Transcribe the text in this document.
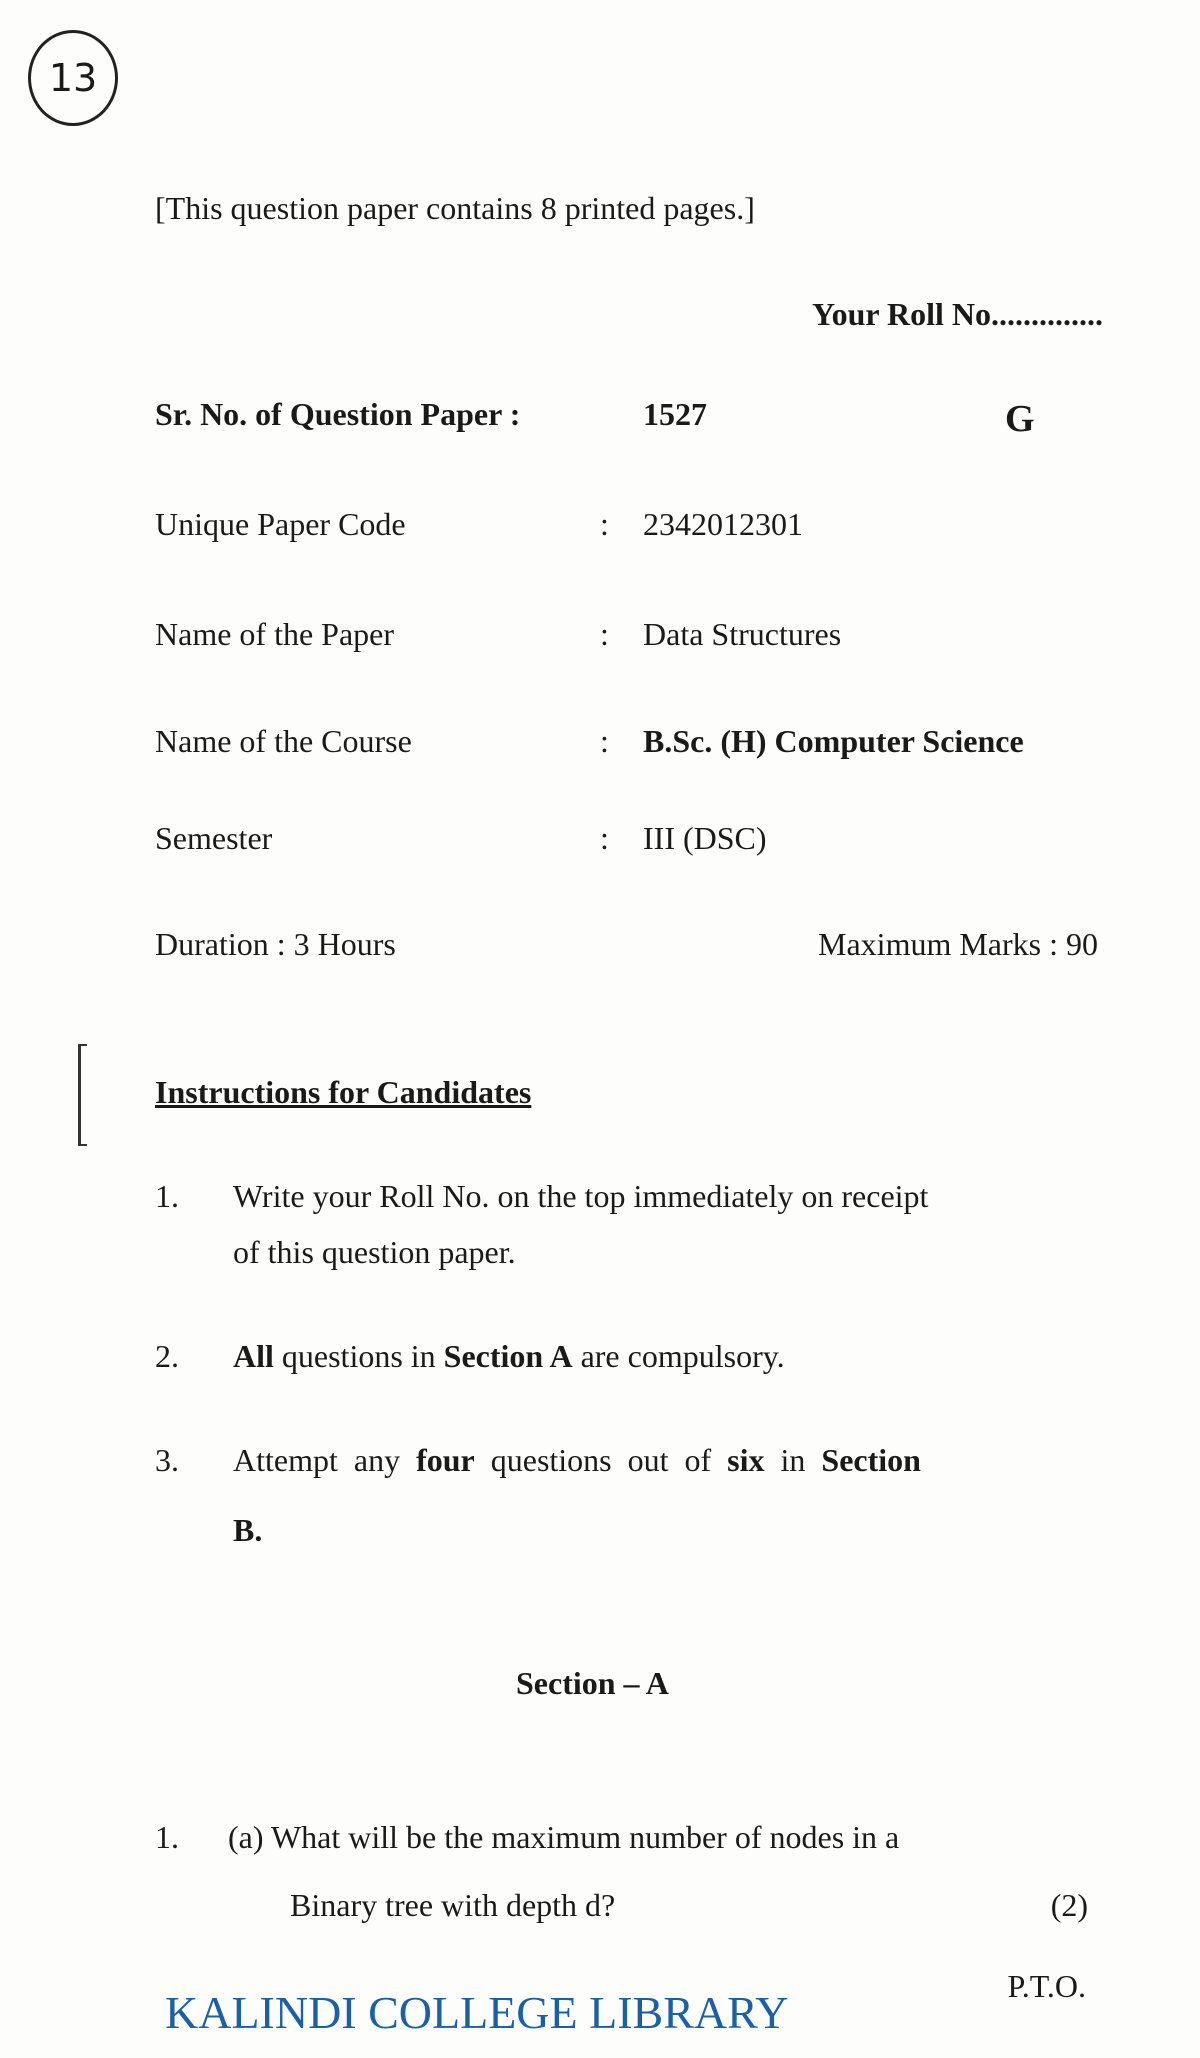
13
[This question paper contains 8 printed pages.]
Your Roll No..............
Sr. No. of Question Paper :	1527	G
Unique Paper Code	: 2342012301
Name of the Paper	: Data Structures
Name of the Course	: B.Sc. (H) Computer Science
Semester	: III (DSC)
Duration : 3 Hours	Maximum Marks : 90
Instructions for Candidates
1. Write your Roll No. on the top immediately on receipt
of this question paper.
2. All questions in Section A are compulsory.
3. Attempt any four questions out of six in Section
B.
Section – A
1. (a) What will be the maximum number of nodes in a
Binary tree with depth d?	(2)
P.T.O.
KALINDI COLLEGE LIBRARY
